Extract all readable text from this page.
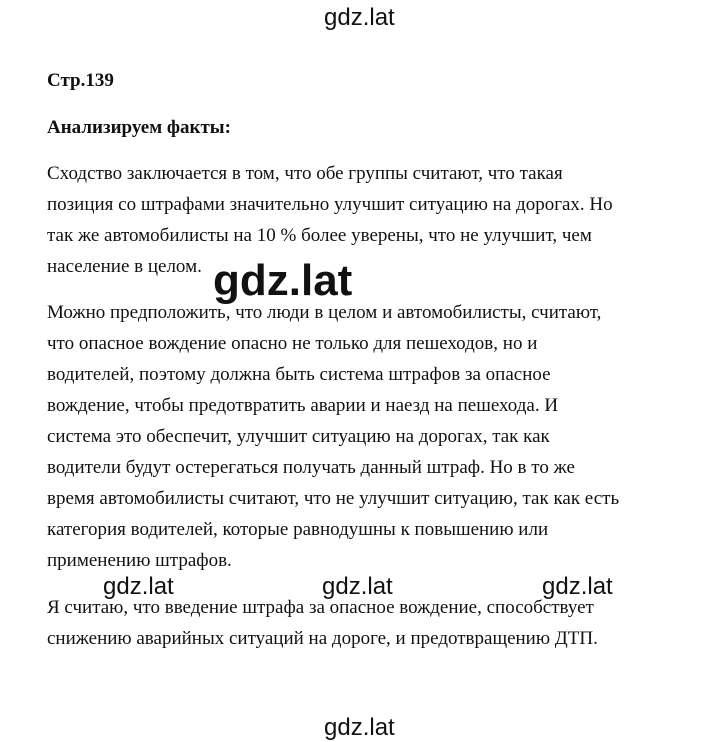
gdz.lat
Стр.139
Анализируем факты:

Сходство заключается в том, что обе группы считают, что такая
позиция со штрафами значительно улучшит ситуацию на дорогах. Но
так же автомобилисты на 10 % более уверены, что не улучшит, чем
население в целом.

Можно предположить, что люди в целом и автомобилисты, считают,
что опасное вождение опасно не только для пешеходов, но и
водителей, поэтому должна быть система штрафов за опасное
вождение, чтобы предотвратить аварии и наезд на пешехода. И
система это обеспечит, улучшит ситуацию на дорогах, так как
водители будут остерегаться получать данный штраф. Но в то же
время автомобилисты считают, что не улучшит ситуацию, так как есть
категория водителей, которые равнодушны к повышению или
применению штрафов.

Я считаю, что введение штрафа за опасное вождение, способствует
снижению аварийных ситуаций на дороге, и предотвращению ДТП.

gdz.lat
gdz.lat	gdz.lat	gdz.lat
gdz.lat
